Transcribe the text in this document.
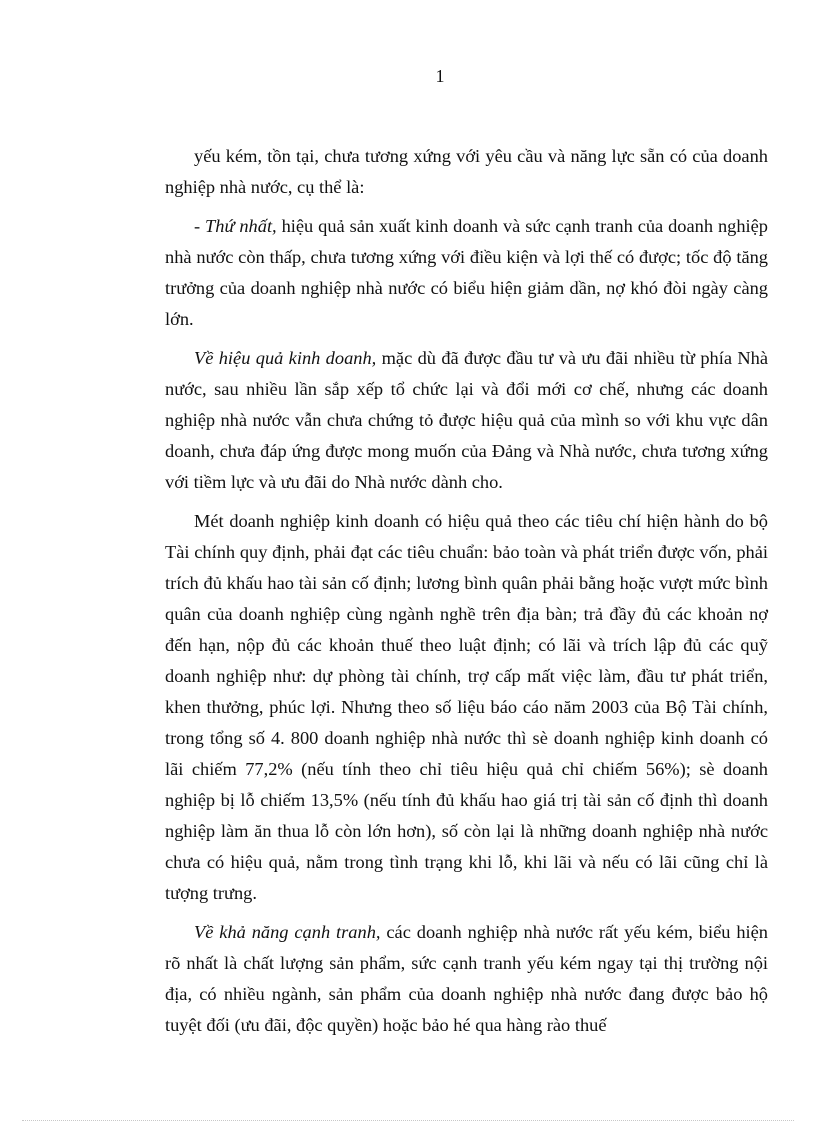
1

yếu kém, tồn tại, chưa tương xứng với yêu cầu và năng lực sẵn có của doanh nghiệp nhà nước, cụ thể là:

- Thứ nhất, hiệu quả sản xuất kinh doanh và sức cạnh tranh của doanh nghiệp nhà nước còn thấp, chưa tương xứng với điều kiện và lợi thế có được; tốc độ tăng trưởng của doanh nghiệp nhà nước có biểu hiện giảm dần, nợ khó đòi ngày càng lớn.

Về hiệu quả kinh doanh, mặc dù đã được đầu tư và ưu đãi nhiều từ phía Nhà nước, sau nhiều lần sắp xếp tổ chức lại và đổi mới cơ chế, nhưng các doanh nghiệp nhà nước vẫn chưa chứng tỏ được hiệu quả của mình so với khu vực dân doanh, chưa đáp ứng được mong muốn của Đảng và Nhà nước, chưa tương xứng với tiềm lực và ưu đãi do Nhà nước dành cho.

Mét doanh nghiệp kinh doanh có hiệu quả theo các tiêu chí hiện hành do bộ Tài chính quy định, phải đạt các tiêu chuẩn: bảo toàn và phát triển được vốn, phải trích đủ khấu hao tài sản cố định; lương bình quân phải bằng hoặc vượt mức bình quân của doanh nghiệp cùng ngành nghề trên địa bàn; trả đầy đủ các khoản nợ đến hạn, nộp đủ các khoản thuế theo luật định; có lãi và trích lập đủ các quỹ doanh nghiệp như: dự phòng tài chính, trợ cấp mất việc làm, đầu tư phát triển, khen thưởng, phúc lợi. Nhưng theo số liệu báo cáo năm 2003 của Bộ Tài chính, trong tổng số 4. 800 doanh nghiệp nhà nước thì sè doanh nghiệp kinh doanh có lãi chiếm 77,2% (nếu tính theo chỉ tiêu hiệu quả chỉ chiếm 56%); sè doanh nghiệp bị lỗ chiếm 13,5% (nếu tính đủ khấu hao giá trị tài sản cố định thì doanh nghiệp làm ăn thua lỗ còn lớn hơn), số còn lại là những doanh nghiệp nhà nước chưa có hiệu quả, nằm trong tình trạng khi lỗ, khi lãi và nếu có lãi cũng chỉ là tượng trưng.

Về khả năng cạnh tranh, các doanh nghiệp nhà nước rất yếu kém, biểu hiện rõ nhất là chất lượng sản phẩm, sức cạnh tranh yếu kém ngay tại thị trường nội địa, có nhiều ngành, sản phẩm của doanh nghiệp nhà nước đang được bảo hộ tuyệt đối (ưu đãi, độc quyền) hoặc bảo hé qua hàng rào thuế
